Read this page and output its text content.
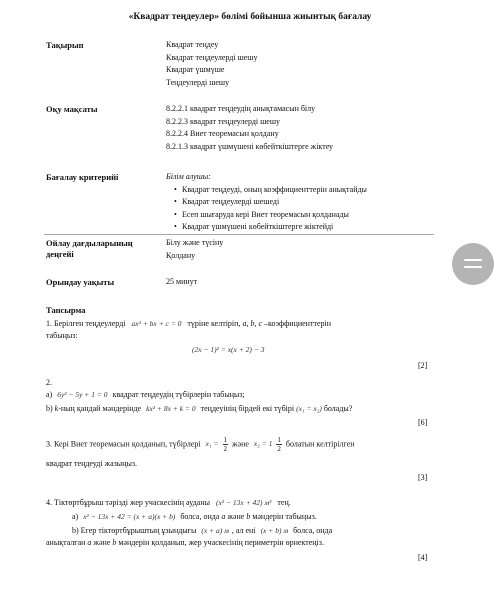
«Квадрат теңдеулер» бөлімі бойынша жиынтық бағалау
Тақырып	Квадрат теңдеу
Квадрат теңдеулерді шешу
Квадрат үшмүше
Теңдеулерді шешу
Оқу мақсаты	8.2.2.1 квадрат теңдеудің анықтамасын білу
8.2.2.3 квадрат теңдеулерді шешу
8.2.2.4 Виет теоремасын қолдану
8.2.1.3 квадрат үшмүшені көбейткіштерге жіктеу
Бағалау критерийі	Білім алушы:
• Квадрат теңдеуді, оның коэффициенттерін анықтайды
• Квадрат теңдеулерді шешеді
• Есеп шығаруда кері Виет теоремасын қолданады
• Квадрат үшмүшені көбейткіштерге жіктейді
Ойлау дағдыларының
деңгейі
Білу және түсіну
Қолдану
Орындау уақыты	25 минут
Тапсырма
1. Берілген теңдеулерді ax² + bx + c = 0 түріне келтіріп, a, b, c –коэффициенттерін
табыңыз:
(2x − 1)² = x(x + 2) − 3
[2]
2.
a) 6y² − 5y + 1 = 0 квадрат теңдеудің түбірлерін табыңыз;
b) k-ның қандай мәндерінде kx² + 8x + k = 0 теңдеуінің бірдей екі түбірі (x₁ = x₂) болады?
[6]
3. Кері Виет теоремасын қолданып, түбірлері $x_1 = \frac{1}{2}$ және $x_2 = 1 \frac{1}{2}$ болатын келтірілген
квадрат теңдеуді жазыңыз.
[3]
4. Тіктөртбұрыш тәрізді жер учаскесінің ауданы (x² − 13x + 42) м² тең.
a) x² − 13x + 42 = (x + a)(x + b) болса, онда a және b мәндерін табыңыз.
b) Егер тіктөртбұрыштың ұзындығы (x + a) м , ал ені (x + b) м болса, онда
анықталған a және b мәндерін қолданып, жер учаскесінің периметрін өрнектеңіз.
[4]
